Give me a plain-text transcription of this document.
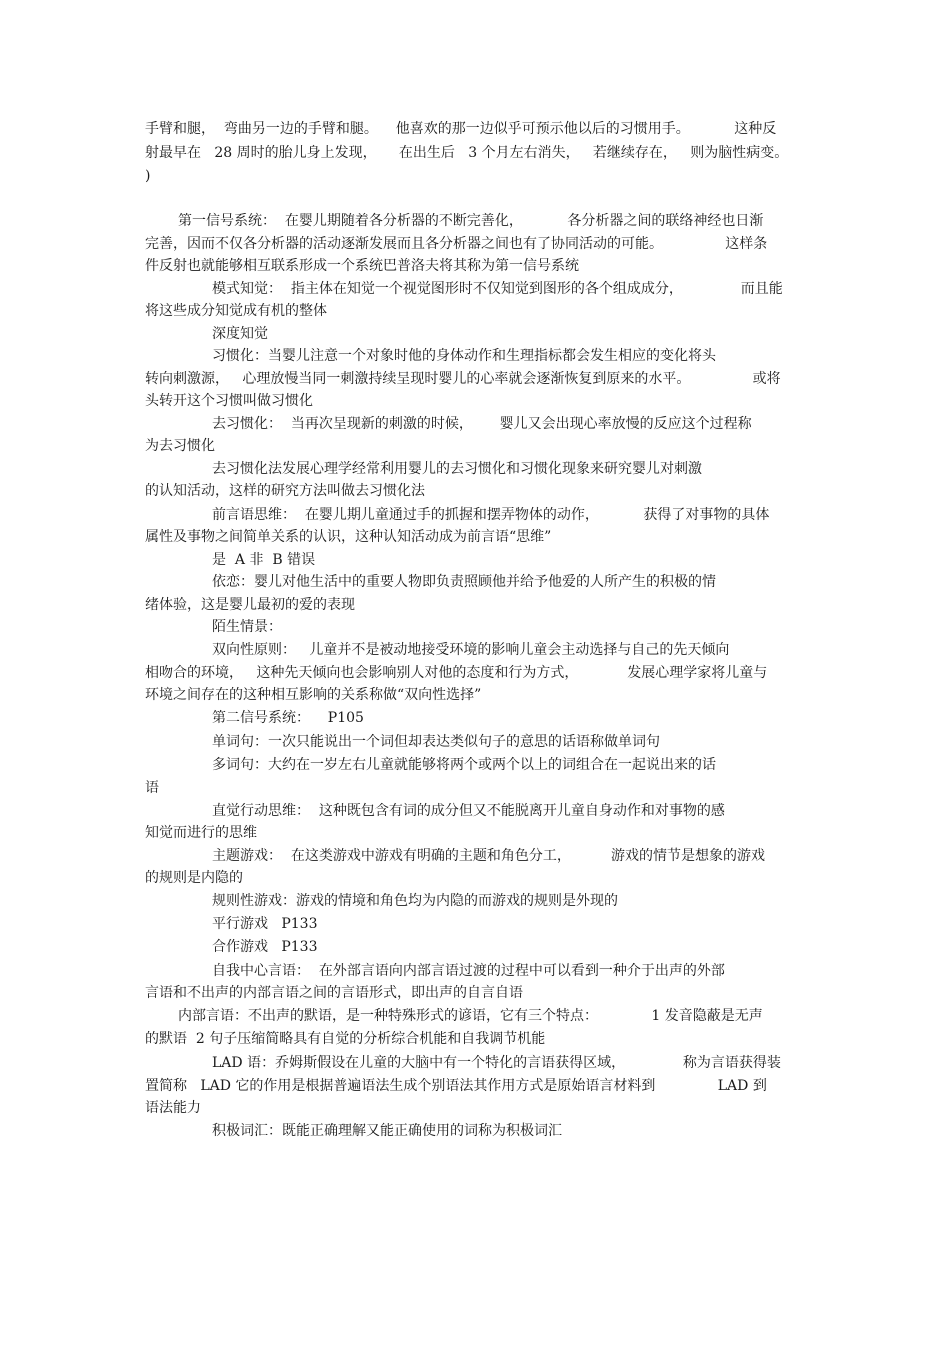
手臂和腿，  弯曲另一边的手臂和腿。    他喜欢的那一边似乎可预示他以后的习惯用手。          这种反
射最早在   28 周时的胎儿身上发现，     在出生后   3 个月左右消失，   若继续存在，   则为脑性病变。
)
第一信号系统：  在婴儿期随着各分析器的不断完善化，          各分析器之间的联络神经也日渐
完善，因而不仅各分析器的活动逐渐发展而且各分析器之间也有了协同活动的可能。              这样条
件反射也就能够相互联系形成一个系统巴普洛夫将其称为第一信号系统
模式知觉：  指主体在知觉一个视觉图形时不仅知觉到图形的各个组成成分，             而且能
将这些成分知觉成有机的整体
深度知觉
习惯化：当婴儿注意一个对象时他的身体动作和生理指标都会发生相应的变化将头
转向刺激源，   心理放慢当同一刺激持续呈现时婴儿的心率就会逐渐恢复到原来的水平。              或将
头转开这个习惯叫做习惯化
去习惯化：  当再次呈现新的刺激的时候，      婴儿又会出现心率放慢的反应这个过程称
为去习惯化
去习惯化法发展心理学经常利用婴儿的去习惯化和习惯化现象来研究婴儿对刺激
的认知活动，这样的研究方法叫做去习惯化法
前言语思维：  在婴儿期儿童通过手的抓握和摆弄物体的动作，          获得了对事物的具体
属性及事物之间简单关系的认识，这种认知活动成为前言语“思维”
是  A 非  B 错误
依恋：婴儿对他生活中的重要人物即负责照顾他并给予他爱的人所产生的积极的情
绪体验，这是婴儿最初的爱的表现
陌生情景：
双向性原则：   儿童并不是被动地接受环境的影响儿童会主动选择与自己的先天倾向
相吻合的环境，   这种先天倾向也会影响别人对他的态度和行为方式，           发展心理学家将儿童与
环境之间存在的这种相互影响的关系称做“双向性选择”
第二信号系统：    P105
单词句：一次只能说出一个词但却表达类似句子的意思的话语称做单词句
多词句：大约在一岁左右儿童就能够将两个或两个以上的词组合在一起说出来的话
语
直觉行动思维：  这种既包含有词的成分但又不能脱离开儿童自身动作和对事物的感
知觉而进行的思维
主题游戏：  在这类游戏中游戏有明确的主题和角色分工，         游戏的情节是想象的游戏
的规则是内隐的
规则性游戏：游戏的情境和角色均为内隐的而游戏的规则是外现的
平行游戏   P133
合作游戏   P133
自我中心言语：  在外部言语向内部言语过渡的过程中可以看到一种介于出声的外部
言语和不出声的内部言语之间的言语形式，即出声的自言自语
内部言语：不出声的默语，是一种特殊形式的谚语，它有三个特点：            1 发音隐蔽是无声
的默语  2 句子压缩简略具有自觉的分析综合机能和自我调节机能
LAD 语：乔姆斯假设在儿童的大脑中有一个特化的言语获得区域，             称为言语获得装
置简称   LAD 它的作用是根据普遍语法生成个别语法其作用方式是原始语言材料到              LAD 到
语法能力
积极词汇：既能正确理解又能正确使用的词称为积极词汇
